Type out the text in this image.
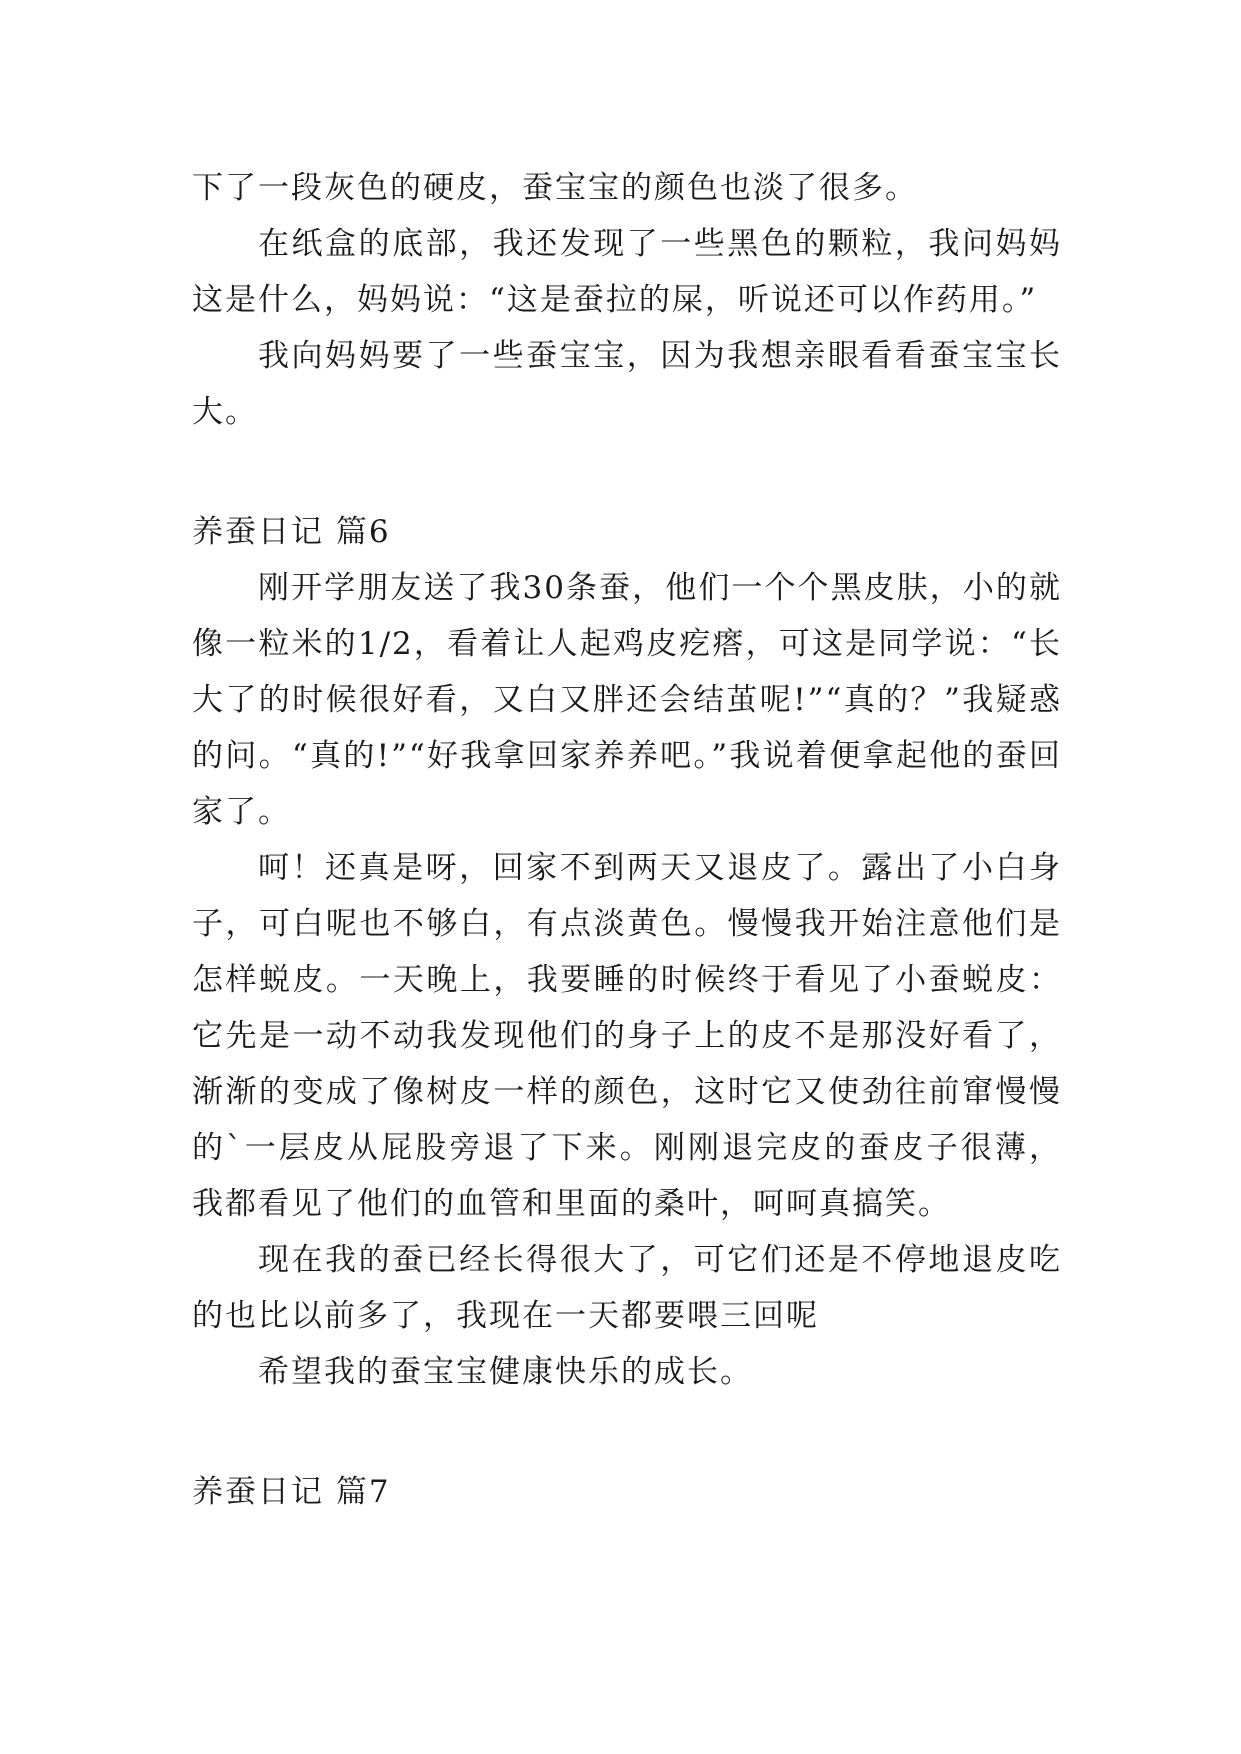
下了一段灰色的硬皮，蚕宝宝的颜色也淡了很多。

在纸盒的底部，我还发现了一些黑色的颗粒，我问妈妈这是什么，妈妈说：“这是蚕拉的屎，听说还可以作药用。”

我向妈妈要了一些蚕宝宝，因为我想亲眼看看蚕宝宝长大。

养蚕日记 篇6

刚开学朋友送了我30条蚕，他们一个个黑皮肤，小的就像一粒米的1/2，看着让人起鸡皮疙瘩，可这是同学说：“长大了的时候很好看，又白又胖还会结茧呢!”“真的？”我疑惑的问。“真的!”“好我拿回家养养吧。”我说着便拿起他的蚕回家了。

呵！还真是呀，回家不到两天又退皮了。露出了小白身子，可白呢也不够白，有点淡黄色。慢慢我开始注意他们是怎样蜕皮。一天晚上，我要睡的时候终于看见了小蚕蜕皮：它先是一动不动我发现他们的身子上的皮不是那没好看了，渐渐的变成了像树皮一样的颜色，这时它又使劲往前窜慢慢的`一层皮从屁股旁退了下来。刚刚退完皮的蚕皮子很薄，我都看见了他们的血管和里面的桑叶，呵呵真搞笑。

现在我的蚕已经长得很大了，可它们还是不停地退皮吃的也比以前多了，我现在一天都要喂三回呢

希望我的蚕宝宝健康快乐的成长。

养蚕日记 篇7
